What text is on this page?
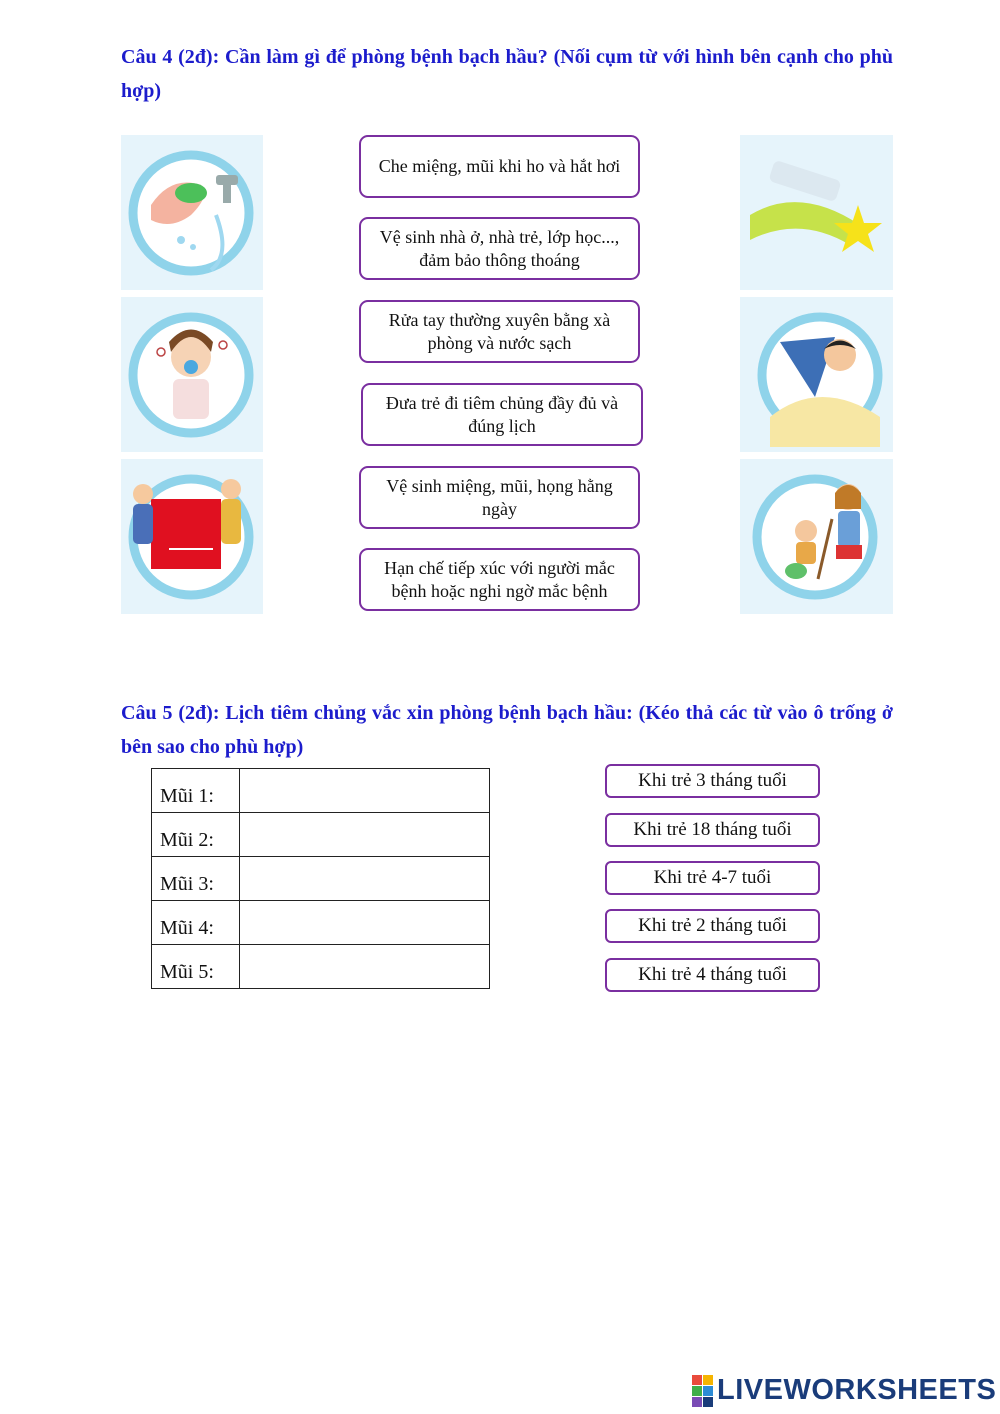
Câu 4 (2đ): Cần làm gì để phòng bệnh bạch hầu? (Nối cụm từ với hình bên cạnh cho phù hợp)
Che miệng, mũi khi ho và hắt hơi
Vệ sinh nhà ở, nhà trẻ, lớp học..., đảm bảo thông thoáng
Rửa tay thường xuyên bằng xà phòng và nước sạch
Đưa trẻ đi tiêm chủng đầy đủ và đúng lịch
Vệ sinh miệng, mũi, họng hằng ngày
Hạn chế tiếp xúc với người mắc bệnh hoặc nghi ngờ mắc bệnh
Câu 5 (2đ): Lịch tiêm chủng vắc xin phòng bệnh bạch hầu: (Kéo thả các từ vào ô trống ở bên sao cho phù hợp)
Mũi 1:	
Mũi 2:	
Mũi 3:	
Mũi 4:	
Mũi 5:	
Khi trẻ 3 tháng tuổi
Khi trẻ 18 tháng tuổi
Khi trẻ 4-7 tuổi
Khi trẻ 2 tháng tuổi
Khi trẻ 4 tháng tuổi
LIVEWORKSHEETS
